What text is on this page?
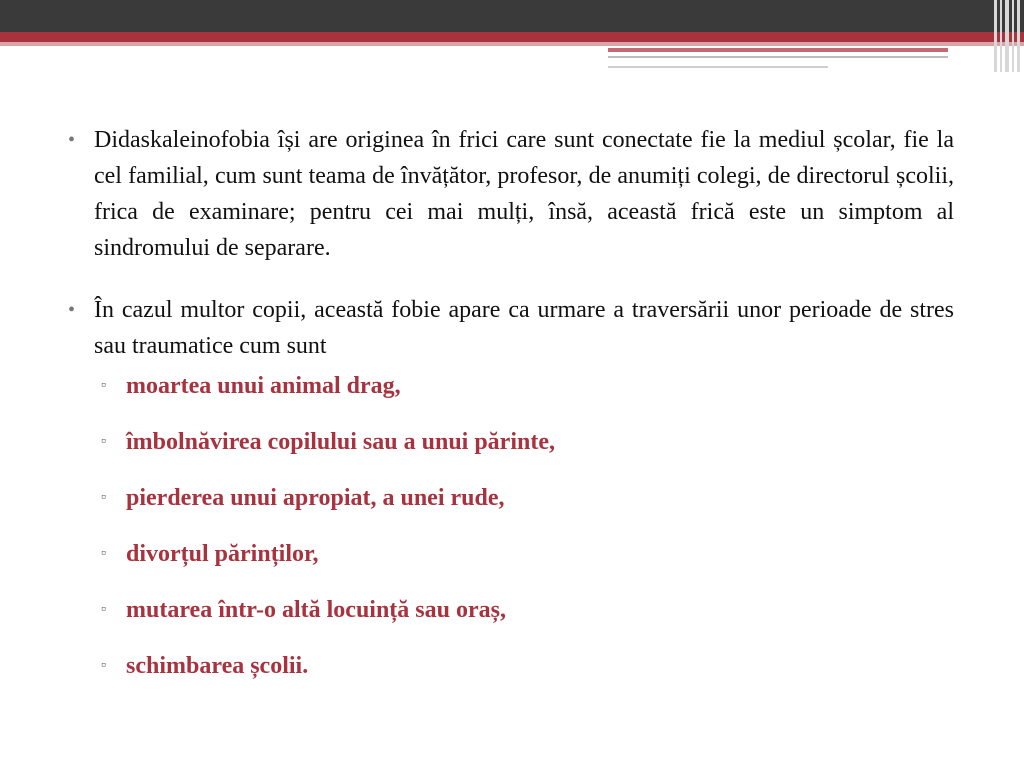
• Didaskaleinofobia își are originea în frici care sunt conectate fie la mediul școlar, fie la cel familial, cum sunt teama de învățător, profesor, de anumiți colegi, de directorul școlii, frica de examinare; pentru cei mai mulți, însă, această frică este un simptom al sindromului de separare.
• În cazul multor copii, această fobie apare ca urmare a traversării unor perioade de stres sau traumatice cum sunt
▫ moartea unui animal drag,
▫ îmbolnăvirea copilului sau a unui părinte,
▫ pierderea unui apropiat, a unei rude,
▫ divorțul părinților,
▫ mutarea într-o altă locuință sau oraș,
▫ schimbarea școlii.
